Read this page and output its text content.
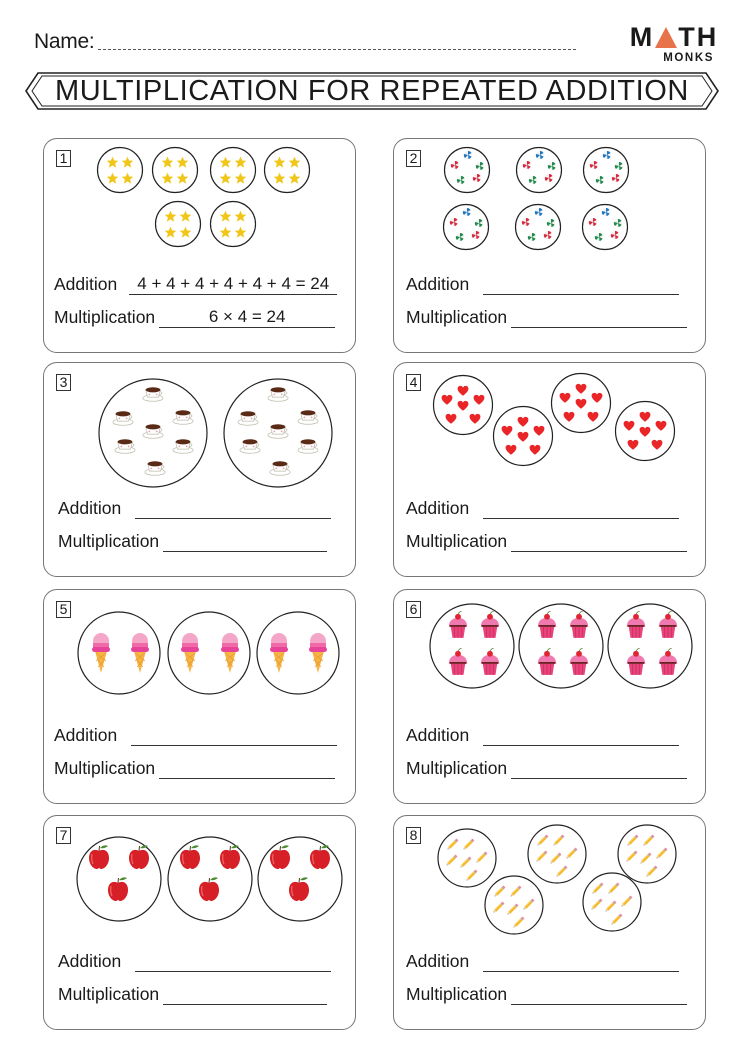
Name:	M TH
MONKS
MULTIPLICATION FOR REPEATED ADDITION
1
Addition	4 + 4 + 4 + 4 + 4 + 4 = 24
Multiplication	6 × 4 = 24
2
Addition
Multiplication
3
Addition
Multiplication
4
Addition
Multiplication
5
Addition
Multiplication
6
Addition
Multiplication
7
Addition
Multiplication
8
Addition
Multiplication
